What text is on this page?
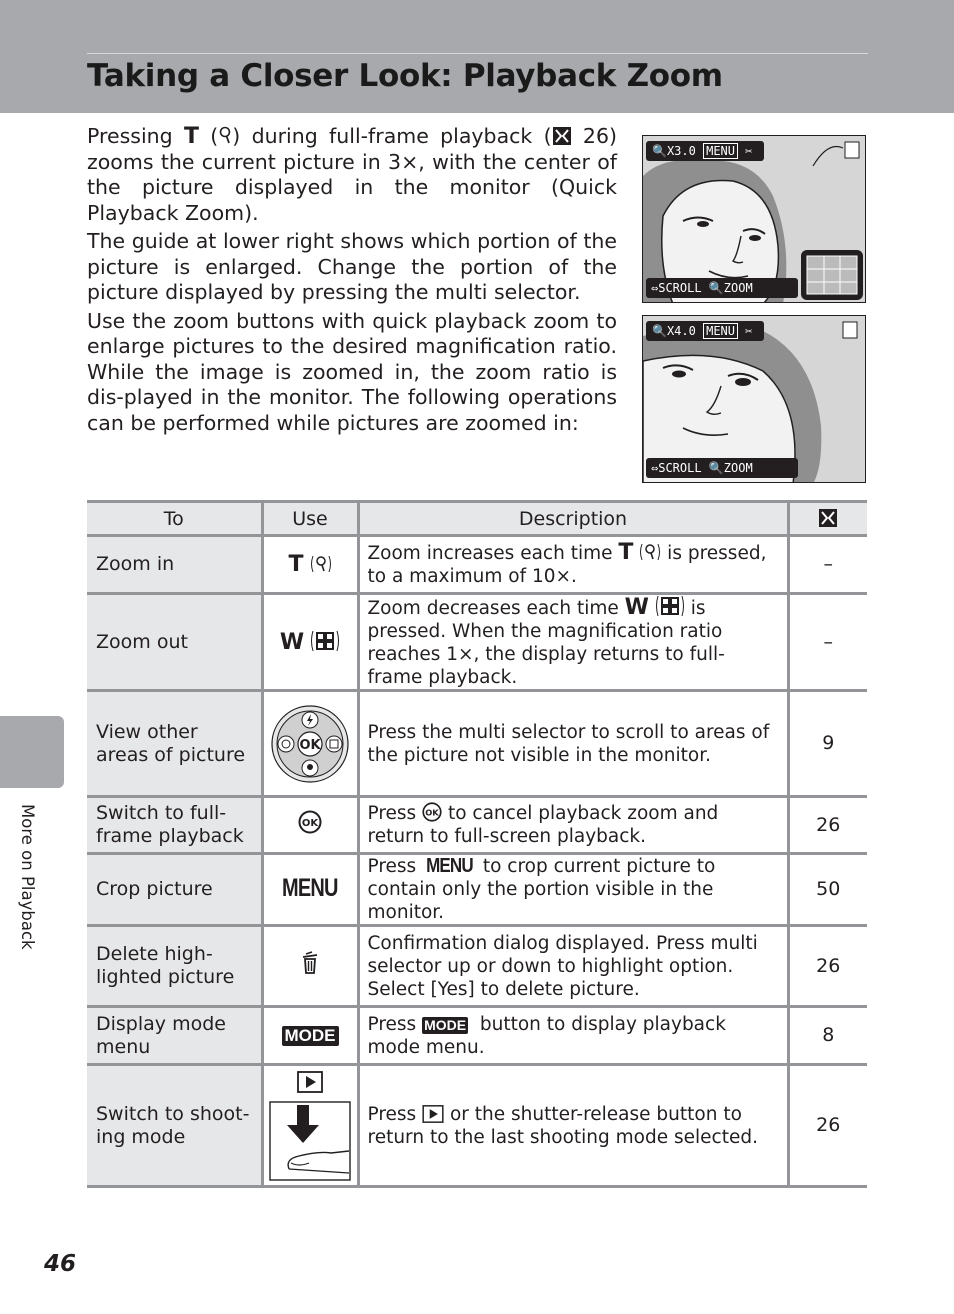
Taking a Closer Look: Playback Zoom
More on Playback

Pressing T ( ) during full-frame playback ( 26) zooms the current picture in 3×, with the center of the picture displayed in the monitor (Quick Playback Zoom).

The guide at lower right shows which portion of the picture is enlarged. Change the portion of the picture displayed by pressing the multi selector.

Use the zoom buttons with quick playback zoom to enlarge pictures to the desired magnification ratio. While the image is zoomed in, the zoom ratio is dis-played in the monitor. The following operations can be performed while pictures are zoomed in:

🔍X3.0 MENU ✂
⇔SCROLL 🔍ZOOM
🔍X4.0 MENU ✂
⇔SCROLL 🔍ZOOM
To	Use	Description	
Zoom in	T	Zoom increases each time T  is pressed, to a maximum of 10×.	–
Zoom out	W	Zoom decreases each time W  is pressed. When the magnification ratio reaches 1×, the display returns to full-frame playback.	–
View other areas of picture	OK	Press the multi selector to scroll to areas of the picture not visible in the monitor.	9
Switch to full-frame playback	OK	Press OK to cancel playback zoom and return to full-screen playback.	26
Crop picture	MENU	Press MENU to crop current picture to contain only the portion visible in the monitor.	50
Delete high-lighted picture		Confirmation dialog displayed. Press multi selector up or down to highlight option. Select [Yes] to delete picture.	26
Display mode menu	MODE	Press MODE  button to display playback mode menu.	8
Switch to shoot-ing mode		Press  or the shutter-release button to return to the last shooting mode selected.	26
46
